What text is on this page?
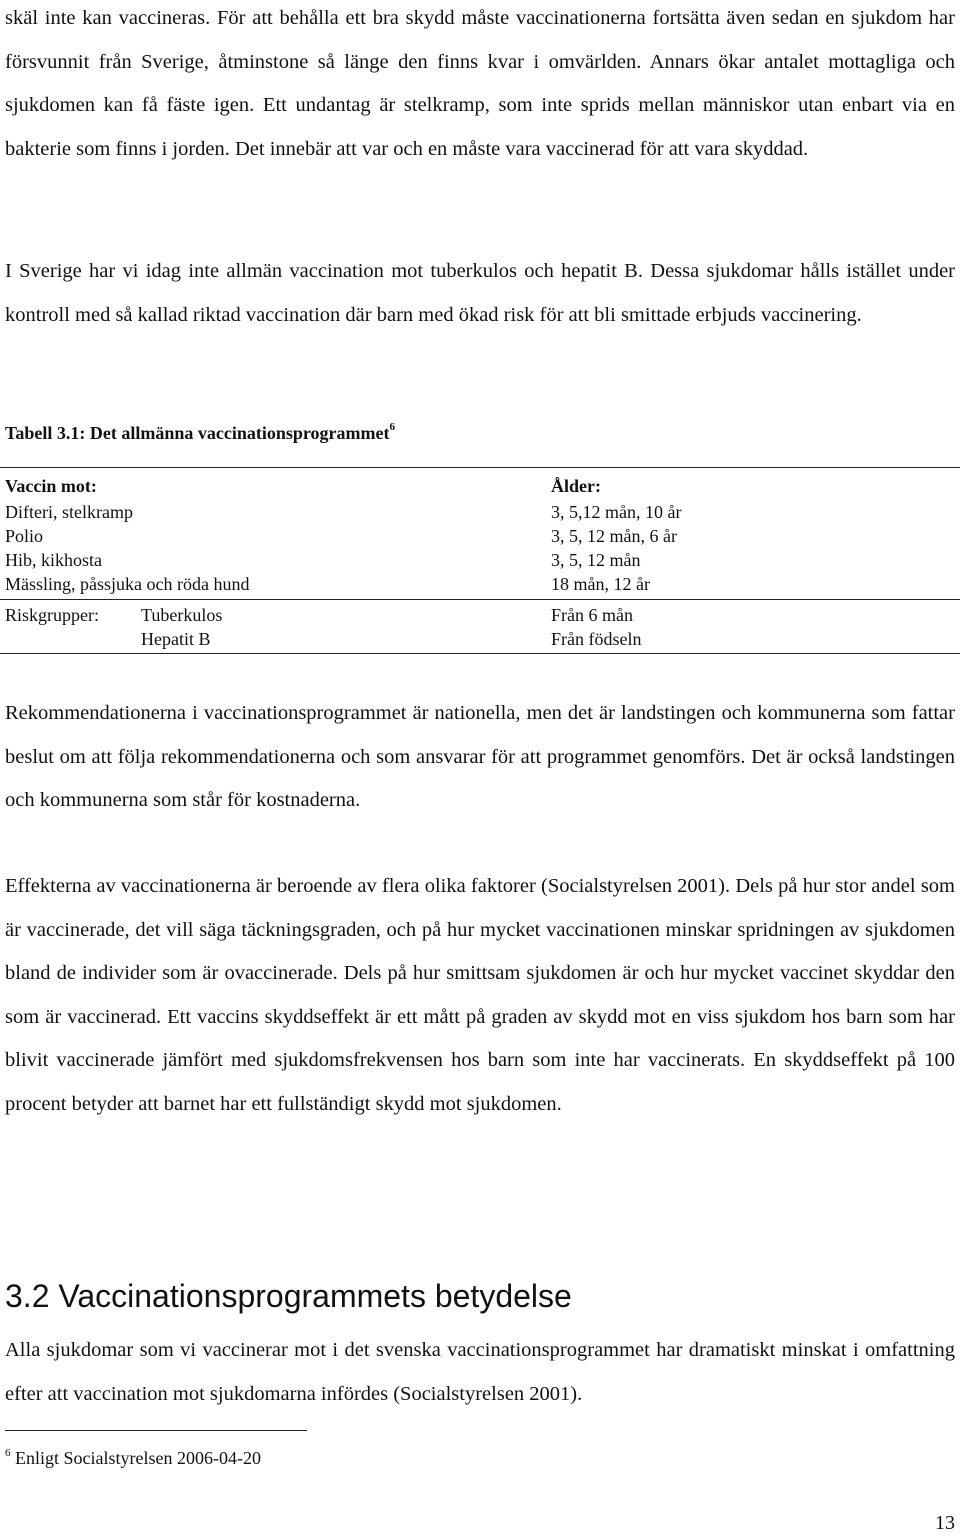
skäl inte kan vaccineras. För att behålla ett bra skydd måste vaccinationerna fortsätta även sedan en sjukdom har försvunnit från Sverige, åtminstone så länge den finns kvar i omvärlden. Annars ökar antalet mottagliga och sjukdomen kan få fäste igen. Ett undantag är stelkramp, som inte sprids mellan människor utan enbart via en bakterie som finns i jorden. Det innebär att var och en måste vara vaccinerad för att vara skyddad.

I Sverige har vi idag inte allmän vaccination mot tuberkulos och hepatit B. Dessa sjukdomar hålls istället under kontroll med så kallad riktad vaccination där barn med ökad risk för att bli smittade erbjuds vaccinering.

Tabell 3.1: Det allmänna vaccinationsprogrammet$^6$

Vaccin mot:	Ålder:
Difteri, stelkramp	3, 5,12 mån, 10 år
Polio	3, 5, 12 mån, 6 år
Hib, kikhosta	3, 5, 12 mån
Mässling, påssjuka och röda hund	18 mån, 12 år
Riskgrupper: Tuberkulos	Från 6 mån
Hepatit B	Från födseln

Rekommendationerna i vaccinationsprogrammet är nationella, men det är landstingen och kommunerna som fattar beslut om att följa rekommendationerna och som ansvarar för att programmet genomförs. Det är också landstingen och kommunerna som står för kostnaderna.

Effekterna av vaccinationerna är beroende av flera olika faktorer (Socialstyrelsen 2001). Dels på hur stor andel som är vaccinerade, det vill säga täckningsgraden, och på hur mycket vaccinationen minskar spridningen av sjukdomen bland de individer som är ovaccinerade. Dels på hur smittsam sjukdomen är och hur mycket vaccinet skyddar den som är vaccinerad. Ett vaccins skyddseffekt är ett mått på graden av skydd mot en viss sjukdom hos barn som har blivit vaccinerade jämfört med sjukdomsfrekvensen hos barn som inte har vaccinerats. En skyddseffekt på 100 procent betyder att barnet har ett fullständigt skydd mot sjukdomen.

3.2 Vaccinationsprogrammets betydelse

Alla sjukdomar som vi vaccinerar mot i det svenska vaccinationsprogrammet har dramatiskt minskat i omfattning efter att vaccination mot sjukdomarna infördes (Socialstyrelsen 2001).

$^6$ Enligt Socialstyrelsen 2006-04-20

13
